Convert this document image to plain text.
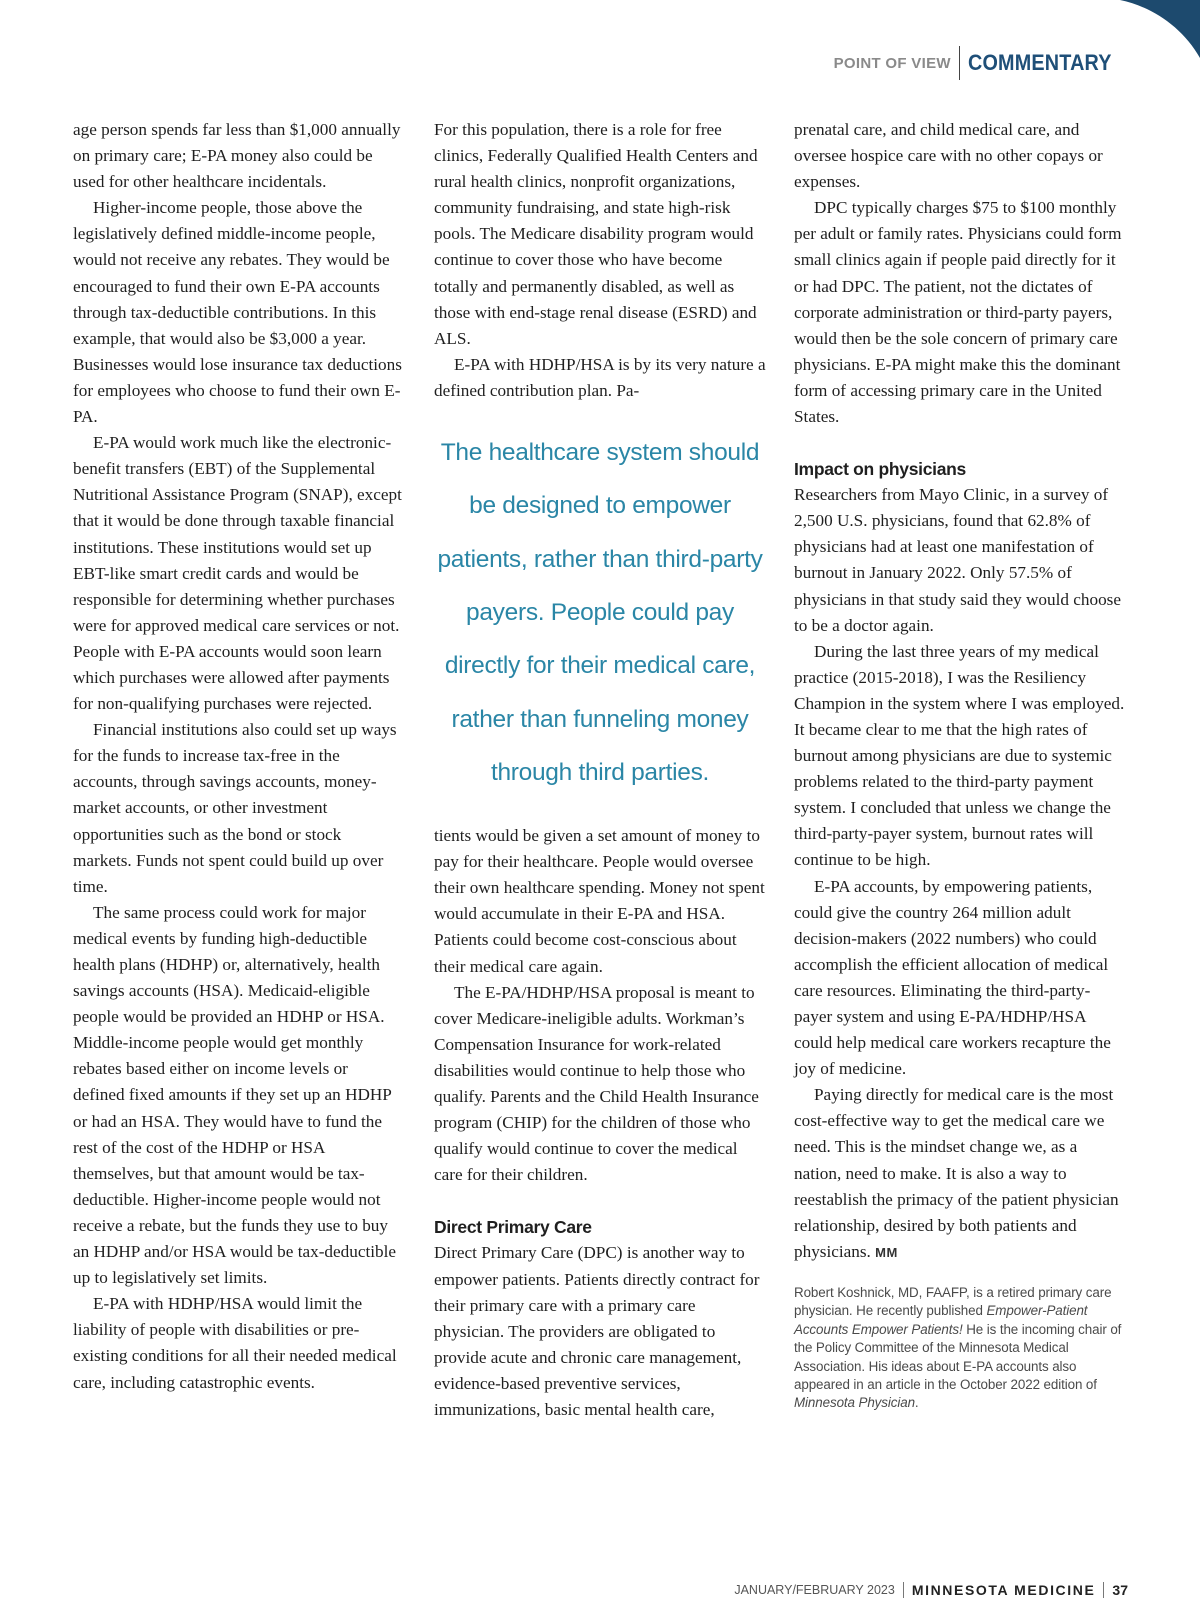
POINT OF VIEW COMMENTARY

age person spends far less than $1,000 annually on primary care; E-PA money also could be used for other healthcare incidentals.

Higher-income people, those above the legislatively defined middle-income people, would not receive any rebates. They would be encouraged to fund their own E-PA accounts through tax-deductible contributions. In this example, that would also be $3,000 a year. Businesses would lose insurance tax deductions for employees who choose to fund their own E-PA.

E-PA would work much like the electronic-benefit transfers (EBT) of the Supplemental Nutritional Assistance Program (SNAP), except that it would be done through taxable financial institutions. These institutions would set up EBT-like smart credit cards and would be responsible for determining whether purchases were for approved medical care services or not. People with E-PA accounts would soon learn which purchases were allowed after payments for non-qualifying purchases were rejected.

Financial institutions also could set up ways for the funds to increase tax-free in the accounts, through savings accounts, money-market accounts, or other investment opportunities such as the bond or stock markets. Funds not spent could build up over time.

The same process could work for major medical events by funding high-deductible health plans (HDHP) or, alternatively, health savings accounts (HSA). Medicaid-eligible people would be provided an HDHP or HSA. Middle-income people would get monthly rebates based either on income levels or defined fixed amounts if they set up an HDHP or had an HSA. They would have to fund the rest of the cost of the HDHP or HSA themselves, but that amount would be tax-deductible. Higher-income people would not receive a rebate, but the funds they use to buy an HDHP and/or HSA would be tax-deductible up to legislatively set limits.

E-PA with HDHP/HSA would limit the liability of people with disabilities or pre-existing conditions for all their needed medical care, including catastrophic events.

For this population, there is a role for free clinics, Federally Qualified Health Centers and rural health clinics, nonprofit organizations, community fundraising, and state high-risk pools. The Medicare disability program would continue to cover those who have become totally and permanently disabled, as well as those with end-stage renal disease (ESRD) and ALS.

E-PA with HDHP/HSA is by its very nature a defined contribution plan. Pa-

The healthcare system should be designed to empower patients, rather than third-party payers. People could pay directly for their medical care, rather than funneling money through third parties.

tients would be given a set amount of money to pay for their healthcare. People would oversee their own healthcare spending. Money not spent would accumulate in their E-PA and HSA. Patients could become cost-conscious about their medical care again.

The E-PA/HDHP/HSA proposal is meant to cover Medicare-ineligible adults. Workman’s Compensation Insurance for work-related disabilities would continue to help those who qualify. Parents and the Child Health Insurance program (CHIP) for the children of those who qualify would continue to cover the medical care for their children.

Direct Primary Care

Direct Primary Care (DPC) is another way to empower patients. Patients directly contract for their primary care with a primary care physician. The providers are obligated to provide acute and chronic care management, evidence-based preventive services, immunizations, basic mental health care,

prenatal care, and child medical care, and oversee hospice care with no other copays or expenses.

DPC typically charges $75 to $100 monthly per adult or family rates. Physicians could form small clinics again if people paid directly for it or had DPC. The patient, not the dictates of corporate administration or third-party payers, would then be the sole concern of primary care physicians. E-PA might make this the dominant form of accessing primary care in the United States.

Impact on physicians

Researchers from Mayo Clinic, in a survey of 2,500 U.S. physicians, found that 62.8% of physicians had at least one manifestation of burnout in January 2022. Only 57.5% of physicians in that study said they would choose to be a doctor again.

During the last three years of my medical practice (2015-2018), I was the Resiliency Champion in the system where I was employed. It became clear to me that the high rates of burnout among physicians are due to systemic problems related to the third-party payment system. I concluded that unless we change the third-party-payer system, burnout rates will continue to be high.

E-PA accounts, by empowering patients, could give the country 264 million adult decision-makers (2022 numbers) who could accomplish the efficient allocation of medical care resources. Eliminating the third-party-payer system and using E-PA/HDHP/HSA could help medical care workers recapture the joy of medicine.

Paying directly for medical care is the most cost-effective way to get the medical care we need. This is the mindset change we, as a nation, need to make. It is also a way to reestablish the primacy of the patient physician relationship, desired by both patients and physicians. MM

Robert Koshnick, MD, FAAFP, is a retired primary care physician. He recently published Empower-Patient Accounts Empower Patients! He is the incoming chair of the Policy Committee of the Minnesota Medical Association. His ideas about E-PA accounts also appeared in an article in the October 2022 edition of Minnesota Physician.
JANUARY/FEBRUARY 2023 MINNESOTA MEDICINE 37
